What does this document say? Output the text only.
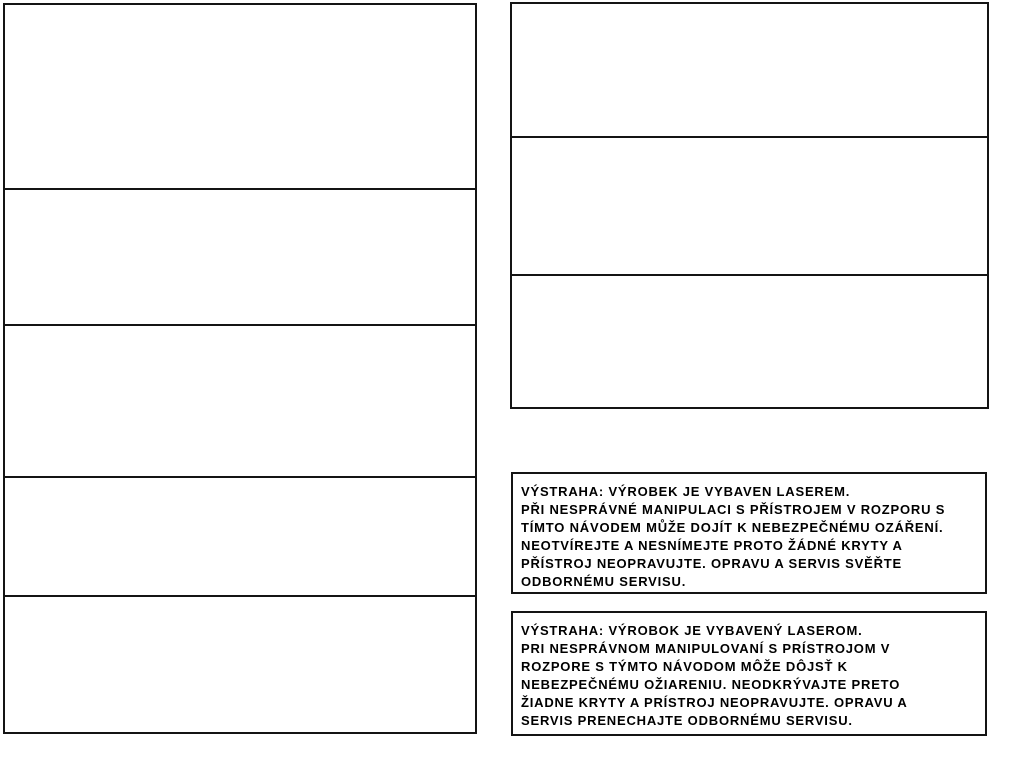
VÝSTRAHA: VÝROBEK JE VYBAVEN LASEREM.
PŘI NESPRÁVNÉ MANIPULACI S PŘÍSTROJEM V ROZPORU S
TÍMTO NÁVODEM MŮŽE DOJÍT K NEBEZPEČNÉMU OZÁŘENÍ.
NEOTVÍREJTE A NESNÍMEJTE PROTO ŽÁDNÉ KRYTY A
PŘÍSTROJ NEOPRAVUJTE. OPRAVU A SERVIS SVĚŘTE
ODBORNÉMU SERVISU.
VÝSTRAHA: VÝROBOK JE VYBAVENÝ LASEROM.
PRI NESPRÁVNOM MANIPULOVANÍ S PRÍSTROJOM V
ROZPORE S TÝMTO NÁVODOM MÔŽE DÔJSŤ K
NEBEZPEČNÉMU OŽIARENIU. NEODKRÝVAJTE PRETO
ŽIADNE KRYTY A PRÍSTROJ NEOPRAVUJTE. OPRAVU A
SERVIS PRENECHAJTE ODBORNÉMU SERVISU.
